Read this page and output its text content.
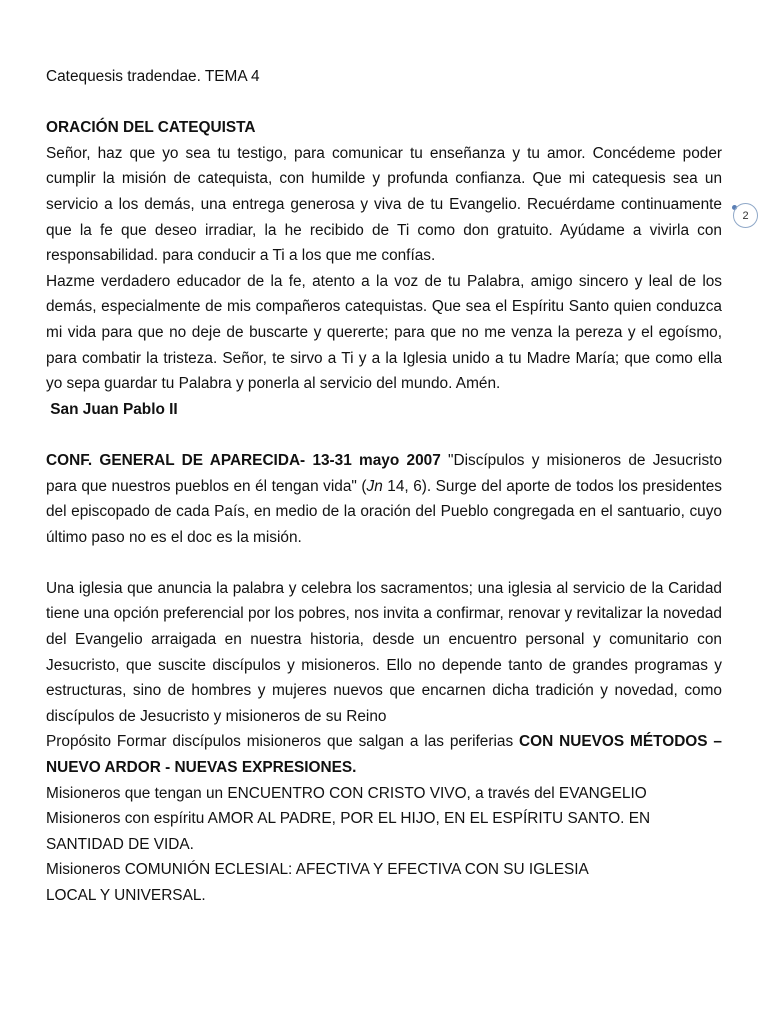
Catequesis tradendae. TEMA 4

ORACIÓN DEL CATEQUISTA

Señor, haz que yo sea tu testigo, para comunicar tu enseñanza y tu amor. Concédeme poder cumplir la misión de catequista, con humilde y profunda confianza. Que mi catequesis sea un servicio a los demás, una entrega generosa y viva de tu Evangelio. Recuérdame continuamente que la fe que deseo irradiar, la he recibido de Ti como don gratuito. Ayúdame a vivirla con responsabilidad. para conducir a Ti a los que me confías.

Hazme verdadero educador de la fe, atento a la voz de tu Palabra, amigo sincero y leal de los demás, especialmente de mis compañeros catequistas. Que sea el Espíritu Santo quien conduzca mi vida para que no deje de buscarte y quererte; para que no me venza la pereza y el egoísmo, para combatir la tristeza. Señor, te sirvo a Ti y a la Iglesia unido a tu Madre María; que como ella yo sepa guardar tu Palabra y ponerla al servicio del mundo. Amén.

San Juan Pablo II

CONF. GENERAL DE APARECIDA- 13-31 mayo 2007 "Discípulos y misioneros de Jesucristo para que nuestros pueblos en él tengan vida" (Jn 14, 6). Surge del aporte de todos los presidentes del episcopado de cada País, en medio de la oración del Pueblo congregada en el santuario, cuyo último paso no es el doc es la misión.

Una iglesia que anuncia la palabra y celebra los sacramentos; una iglesia al servicio de la Caridad tiene una opción preferencial por los pobres, nos invita a confirmar, renovar y revitalizar la novedad del Evangelio arraigada en nuestra historia, desde un encuentro personal y comunitario con Jesucristo, que suscite discípulos y misioneros. Ello no depende tanto de grandes programas y estructuras, sino de hombres y mujeres nuevos que encarnen dicha tradición y novedad, como discípulos de Jesucristo y misioneros de su Reino

Propósito Formar discípulos misioneros que salgan a las periferias CON NUEVOS MÉTODOS – NUEVO ARDOR - NUEVAS EXPRESIONES.

Misioneros que tengan un ENCUENTRO CON CRISTO VIVO, a través del EVANGELIO

Misioneros con espíritu AMOR AL PADRE, POR EL HIJO, EN EL ESPÍRITU SANTO. EN SANTIDAD DE VIDA.

Misioneros COMUNIÓN ECLESIAL: AFECTIVA Y EFECTIVA CON SU IGLESIA

LOCAL Y UNIVERSAL.

2
